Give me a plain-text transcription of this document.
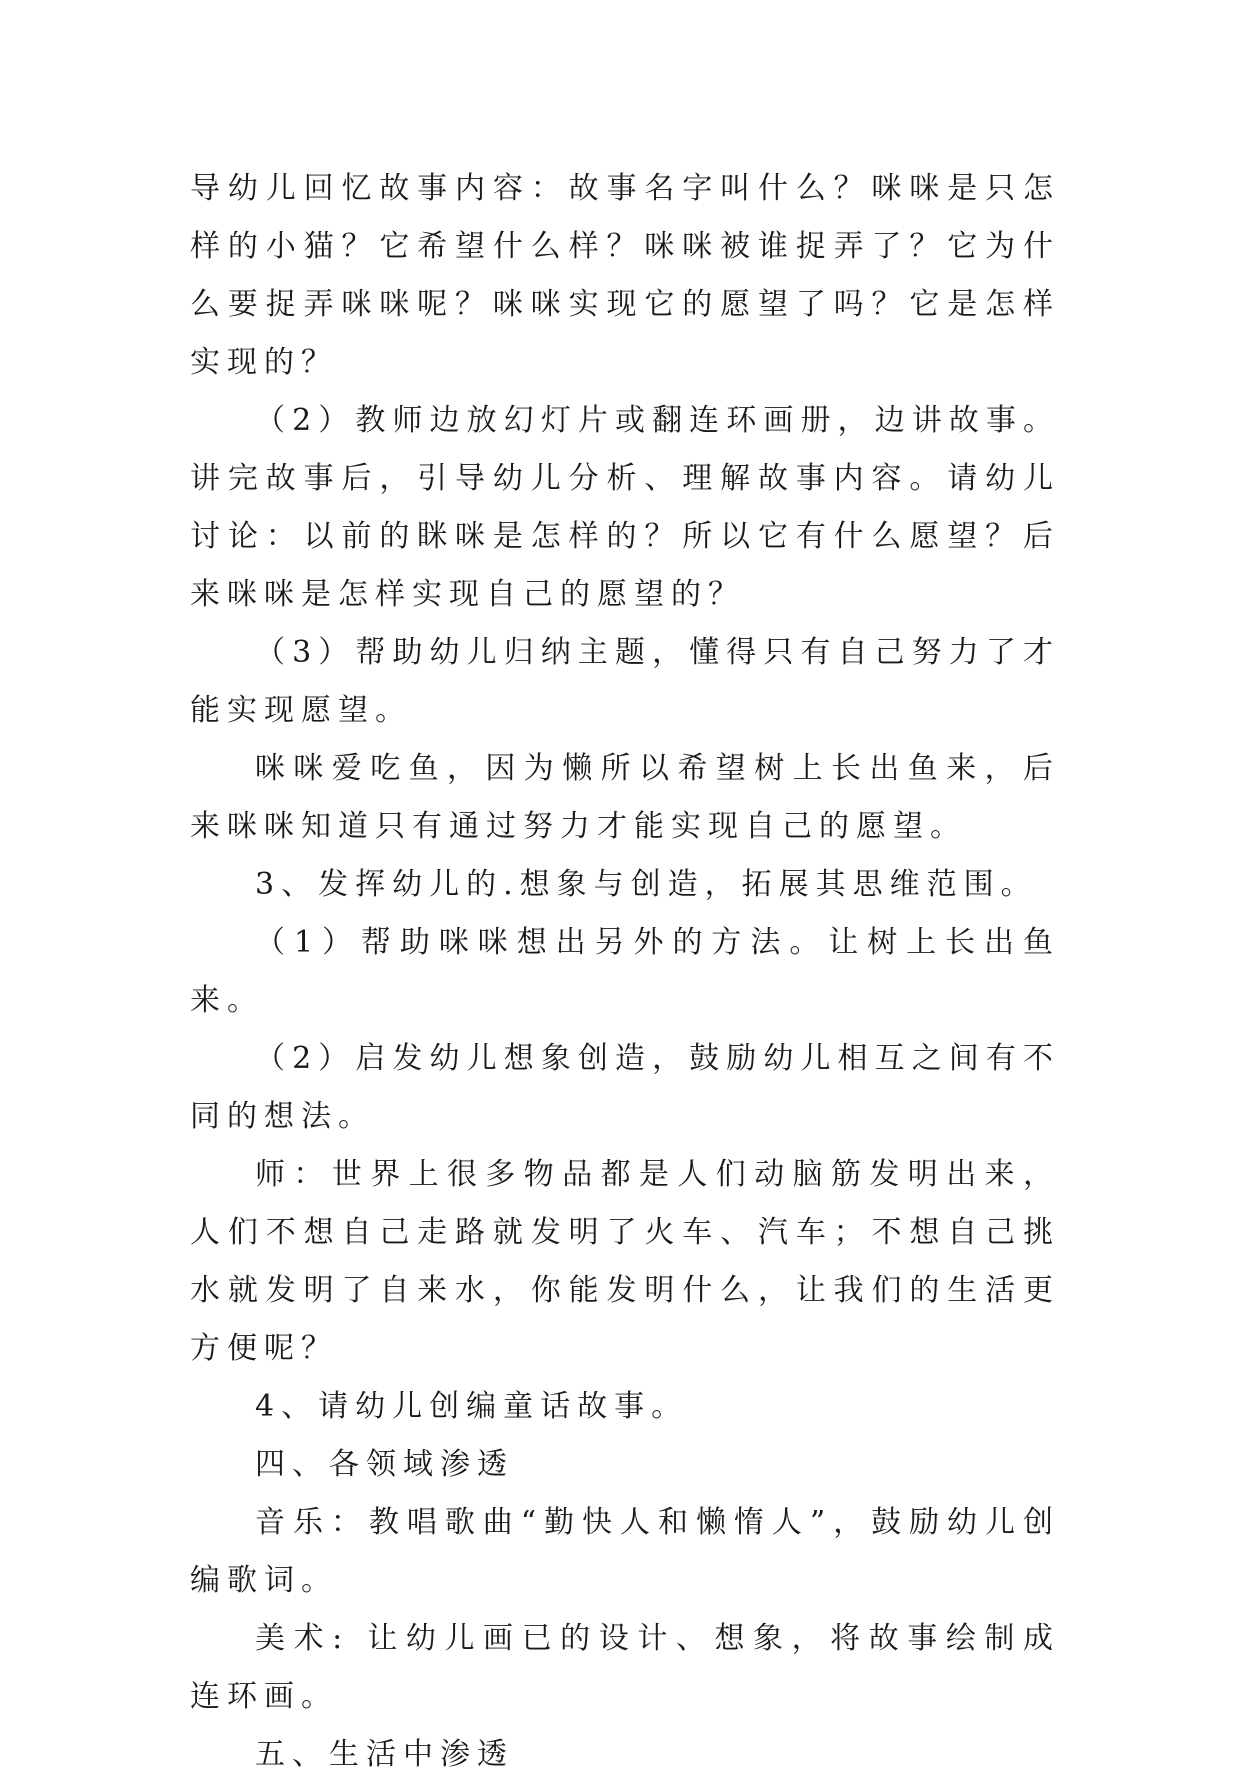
导幼儿回忆故事内容：故事名字叫什么？咪咪是只怎样的小猫？它希望什么样？咪咪被谁捉弄了？它为什么要捉弄咪咪呢？咪咪实现它的愿望了吗？它是怎样实现的？

（2）教师边放幻灯片或翻连环画册，边讲故事。讲完故事后，引导幼儿分析、理解故事内容。请幼儿讨论：以前的眯咪是怎样的？所以它有什么愿望？后来咪咪是怎样实现自己的愿望的？

（3）帮助幼儿归纳主题，懂得只有自己努力了才能实现愿望。

咪咪爱吃鱼，因为懒所以希望树上长出鱼来，后来咪咪知道只有通过努力才能实现自己的愿望。

3、发挥幼儿的.想象与创造，拓展其思维范围。

（1）帮助咪咪想出另外的方法。让树上长出鱼来。

（2）启发幼儿想象创造，鼓励幼儿相互之间有不同的想法。

师：世界上很多物品都是人们动脑筋发明出来，人们不想自己走路就发明了火车、汽车；不想自己挑水就发明了自来水，你能发明什么，让我们的生活更方便呢？

4、请幼儿创编童话故事。

四、各领域渗透

音乐：教唱歌曲“勤快人和懒惰人”，鼓励幼儿创编歌词。

美术: 让幼儿画已的设计、想象，将故事绘制成连环画。

五、生活中渗透
